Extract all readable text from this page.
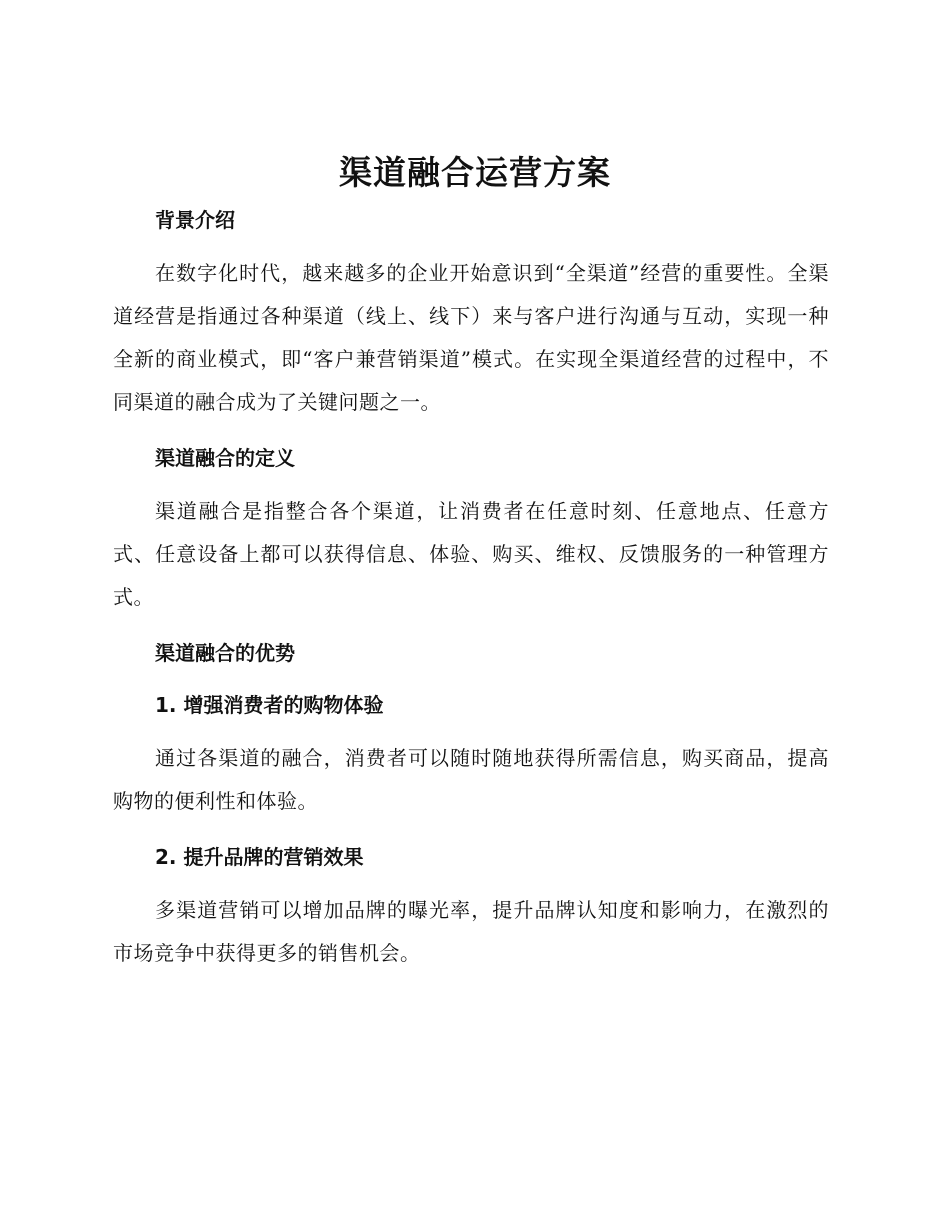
渠道融合运营方案
背景介绍

在数字化时代，越来越多的企业开始意识到“全渠道”经营的重要性。全渠道经营是指通过各种渠道（线上、线下）来与客户进行沟通与互动，实现一种全新的商业模式，即“客户兼营销渠道”模式。在实现全渠道经营的过程中，不同渠道的融合成为了关键问题之一。

渠道融合的定义

渠道融合是指整合各个渠道，让消费者在任意时刻、任意地点、任意方式、任意设备上都可以获得信息、体验、购买、维权、反馈服务的一种管理方式。

渠道融合的优势
1. 增强消费者的购物体验

通过各渠道的融合，消费者可以随时随地获得所需信息，购买商品，提高购物的便利性和体验。

2. 提升品牌的营销效果

多渠道营销可以增加品牌的曝光率，提升品牌认知度和影响力，在激烈的市场竞争中获得更多的销售机会。
